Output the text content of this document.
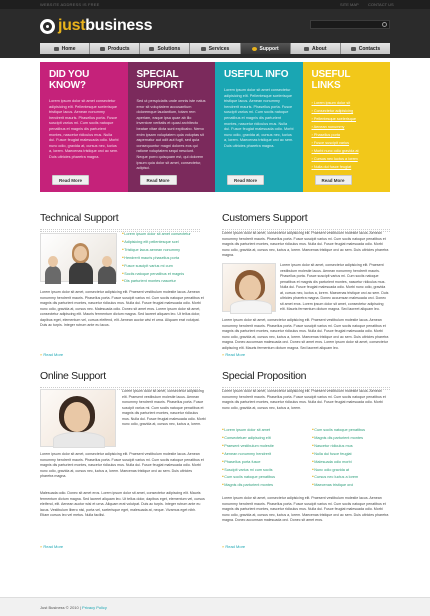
WEBSITE ADDRESS IS FREE	SITE MAP CONTACT US
justbusiness
Home	Products	Solutions	Services	Support	About	Contacts
DID YOU KNOW?

Lorem ipsum dolor sit amet consectetur adipisicing elit. Pellentesque scelerisque tristique lacus. Aenean nonummy hendrerit mauris. Phasellus porta. Fusce suscipit varius mi. Cum sociis natoque penatibus et magnis dis parturient montes, nascetur ridiculus mus. Nulla dui. Fusce feugiat malesuada odio. Morbi nunc odio, gravida at, cursus nec, luctus a, lorem. Maecenas tristique orci ac sem. Duis ultricies pharetra magna.

Read More
SPECIAL SUPPORT

Sed ut perspiciatis unde omnis iste natus error sit voluptatem accusantium doloremque laudantium, totam rem aperiam, eaque ipsa quae ab illo inventore veritatis et quasi architecto beatae vitae dicta sunt explicabo. Nemo enim ipsam voluptatem quia voluptas sit aspernatur aut odit aut fugit, sed quia consequuntur magni dolores eos qui ratione voluptatem sequi nesciunt. Neque porro quisquam est, qui dolorem ipsum quia dolor sit amet, consectetur, adipisci.

Read More
USEFUL INFO

Lorem ipsum dolor sit amet consectetur adipisicing elit. Pellentesque scelerisque tristique lacus. Aenean nonummy hendrerit mauris. Phasellus porta. Fusce suscipit varius mi. Cum sociis natoque penatibus et magnis dis parturient montes, nascetur ridiculus mus. Nulla dui. Fusce feugiat malesuada odio. Morbi nunc odio, gravida at, cursus nec, luctus a, lorem. Maecenas tristique orci ac sem. Duis ultricies pharetra magna.

Read More
USEFUL LINKS
› Lorem ipsum dolor sit
› Consectetur adipisicing
› Pellentesque scelerisque
› Aenean nonummy
› Phasellus porta
› Fusce suscipit varius
› Morbi nunc odio gravida at
› Cursus nec luctus a lorem
› Nulla dui fusce feugiat
Read More
Technical Support
■ Lorem ipsum dolor sit amet consectetur
■ Adipisicing elit pellentesque scel
■ Tristique lacus aenean nonummy
■ Hendrerit mauris phasellus porta
■ Fusce suscipit varius mi cum
■ Sociis natoque penatibus et magnis
■ Dis parturient montes nascetur
Lorem ipsum dolor sit amet, consectetur adipisicing elit. Praesent vestibulum molestie lacus. Aenean nonummy hendrerit mauris. Phasellus porta. Fusce suscipit varius mi. Cum sociis natoque penatibus et magnis dis parturient montes, nascetur ridiculus mus. Nulla dui. Fusce feugiat malesuada odio. Morbi nunc odio, gravida at, cursus nec. Malesuada odio. Donec sit amet eros. Lorem ipsum dolor sit amet, consectetur adipiscing elit. Mauris fermentum dictum magna. Sed laoreet aliquam leo. Ut tellus dolor, dapibus eget, elementum vel, cursus eleifend, elit. Aenean auctor wisi et urna. Aliquam erat volutpat. Duis ac turpis. Integer rutrum ante eu lacus.
» Read More
Customers Support
Lorem ipsum dolor sit amet, consectetur adipisicing elit. Praesent vestibulum molestie lacus. Aenean nonummy hendrerit mauris. Phasellus porta. Fusce suscipit varius mi. Cum sociis natoque penatibus et magnis dis parturient montes, nascetur ridiculus mus. Nulla dui. Fusce feugiat malesuada odio. Morbi nunc odio, gravida at, cursus nec, luctus a, lorem. Maecenas tristique orci ac sem. Duis ultricies pharetra magna.
Lorem ipsum dolor sit amet, consectetur adipisicing elit. Praesent vestibulum molestie lacus. Aenean nonummy hendrerit mauris. Phasellus porta. Fusce suscipit varius mi. Cum sociis natoque penatibus et magnis dis parturient montes, nascetur ridiculus mus. Nulla dui. Fusce feugiat malesuada odio. Morbi nunc odio, gravida at, cursus nec, luctus a, lorem. Maecenas tristique orci ac sem. Duis ultricies pharetra magna. Donec accumsan malesuada orci. Donec sit amet eros. Lorem ipsum dolor sit amet, consectetur adipiscing elit. Mauris fermentum dictum magna. Sed laoreet aliquam leo.
Lorem ipsum dolor sit amet, consectetur adipisicing elit. Praesent vestibulum molestie lacus. Aenean nonummy hendrerit mauris. Phasellus porta. Fusce suscipit varius mi. Cum sociis natoque penatibus et magnis dis parturient montes, nascetur ridiculus mus. Nulla dui. Fusce feugiat malesuada odio. Morbi nunc odio, gravida at, cursus nec, luctus a, lorem. Maecenas tristique orci ac sem. Duis ultricies pharetra magna. Donec accumsan malesuada orci. Donec sit amet eros. Lorem ipsum dolor sit amet, consectetur adipiscing elit. Mauris fermentum dictum magna. Sed laoreet aliquam leo.
» Read More
Online Support
Lorem ipsum dolor sit amet, consectetur adipisicing elit. Praesent vestibulum molestie lacus. Aenean nonummy hendrerit mauris. Phasellus porta. Fusce suscipit varius mi. Cum sociis natoque penatibus et magnis dis parturient montes, nascetur ridiculus mus. Nulla dui. Fusce feugiat malesuada odio. Morbi nunc odio, gravida at, cursus nec, luctus a, lorem.
Lorem ipsum dolor sit amet, consectetur adipisicing elit. Praesent vestibulum molestie lacus. Aenean nonummy hendrerit mauris. Phasellus porta. Fusce suscipit varius mi. Cum sociis natoque penatibus et magnis dis parturient montes, nascetur ridiculus mus. Nulla dui. Fusce feugiat malesuada odio. Morbi nunc odio, gravida at, cursus nec, luctus a, lorem. Maecenas tristique orci ac sem. Duis ultricies pharetra magna.
Malesuada odio. Donec sit amet eros. Lorem ipsum dolor sit amet, consectetur adipiscing elit. Mauris fermentum dictum magna. Sed laoreet aliquam leo. Ut tellus dolor, dapibus eget, elementum vel, cursus eleifend, elit. Aenean auctor wisi et urna. Aliquam erat volutpat. Duis ac turpis. Integer rutrum ante eu lacus. Vestibulum libero nisl, porta vel, scelerisque eget, malesuada at, neque. Vivamus eget nibh. Etiam cursus leo vel metus. Nulla facilisi.
» Read More
Special Proposition
Lorem ipsum dolor sit amet, consectetur adipisicing elit. Praesent vestibulum molestie lacus. Aenean nonummy hendrerit mauris. Phasellus porta. Fusce suscipit varius mi. Cum sociis natoque penatibus et magnis dis parturient montes, nascetur ridiculus mus. Nulla dui. Fusce feugiat malesuada odio. Morbi nunc odio, gravida at, cursus nec, luctus a, lorem.
■ Lorem ipsum dolor sit amet
■ Consectetuer adipiscing elit
■ Praesent vestibulum molestie
■ Aenean nonummy hendrerit
■ Phasellus porta fusce
■ Suscipit varius mi cum sociis
■ Cum sociis natoque penatibus
■ Magnis dis parturient montes
■ Cum sociis natoque penatibus
■ Magnis dis parturient montes
■ Nascetur ridiculus mus
■ Nulla dui fusce feugiat
■ Malesuada odio morbi
■ Nunc odio gravida at
■ Cursus nec luctus a lorem
■ Maecenas tristique orci
Lorem ipsum dolor sit amet, consectetur adipisicing elit. Praesent vestibulum molestie lacus. Aenean nonummy hendrerit mauris. Phasellus porta. Fusce suscipit varius mi. Cum sociis natoque penatibus et magnis dis parturient montes, nascetur ridiculus mus. Nulla dui. Fusce feugiat malesuada odio. Morbi nunc odio, gravida at, cursus nec, luctus a, lorem. Maecenas tristique orci ac sem. Duis ultricies pharetra magna. Donec accumsan malesuada orci. Donec sit amet eros.
» Read More
Just Business © 2010 | Privacy Policy
